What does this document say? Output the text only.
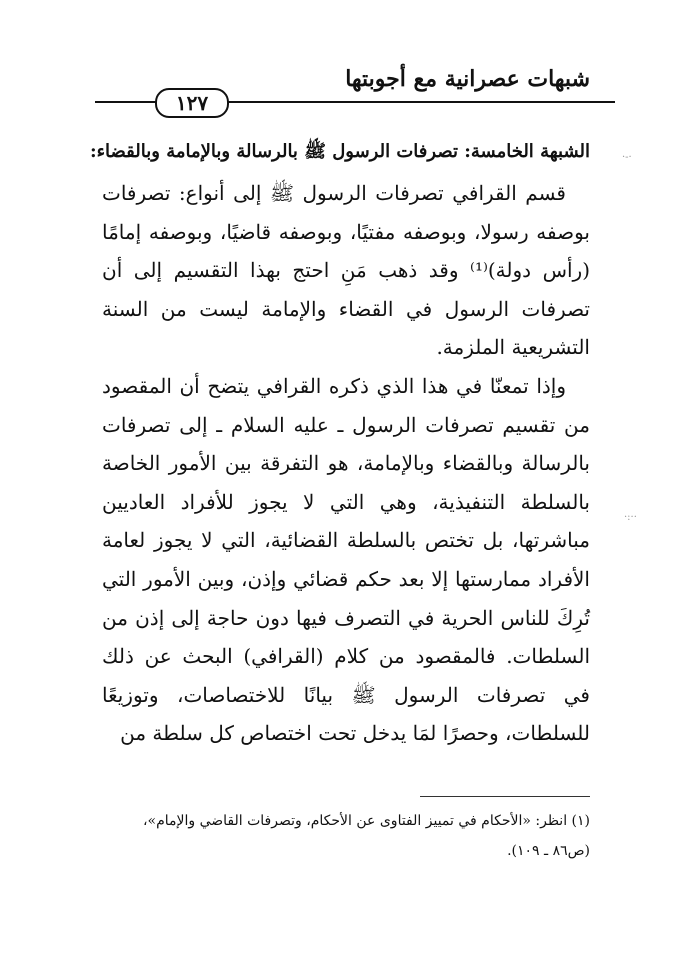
شبهات عصرانية مع أجوبتها
١٢٧
الشبهة الخامسة: تصرفات الرسول ﷺ بالرسالة وبالإمامة وبالقضاء:

قسم القرافي تصرفات الرسول ﷺ إلى أنواع: تصرفات بوصفه رسولا، وبوصفه مفتيًا، وبوصفه قاضيًا، وبوصفه إمامًا (رأس دولة)⁽¹⁾ وقد ذهب مَنِ احتج بهذا التقسيم إلى أن تصرفات الرسول في القضاء والإمامة ليست من السنة التشريعية الملزمة.

وإذا تمعنّا في هذا الذي ذكره القرافي يتضح أن المقصود من تقسيم تصرفات الرسول ـ عليه السلام ـ إلى تصرفات بالرسالة وبالقضاء وبالإمامة، هو التفرقة بين الأمور الخاصة بالسلطة التنفيذية، وهي التي لا يجوز للأفراد العاديين مباشرتها، بل تختص بالسلطة القضائية، التي لا يجوز لعامة الأفراد ممارستها إلا بعد حكم قضائي وإذن، وبين الأمور التي تُرِكَ للناس الحرية في التصرف فيها دون حاجة إلى إذن من السلطات. فالمقصود من كلام (القرافي) البحث عن ذلك في تصرفات الرسول ﷺ بيانًا للاختصاصات، وتوزيعًا للسلطات، وحصرًا لمَا يدخل تحت اختصاص كل سلطة من

(١) انظر: «الأحكام في تمييز الفتاوى عن الأحكام، وتصرفات القاضي والإمام»، (ص٨٦ ـ ١٠٩).
·-·
·:··
